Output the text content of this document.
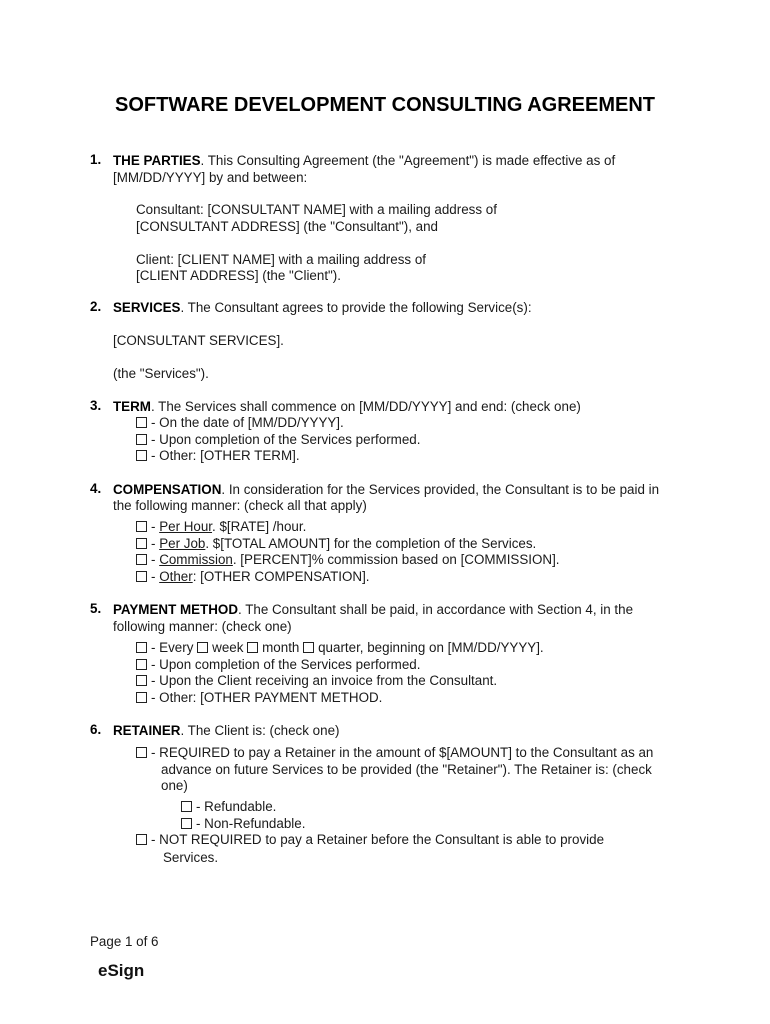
SOFTWARE DEVELOPMENT CONSULTING AGREEMENT
1. THE PARTIES. This Consulting Agreement (the "Agreement") is made effective as of
[MM/DD/YYYY] by and between:
Consultant: [CONSULTANT NAME] with a mailing address of
[CONSULTANT ADDRESS] (the "Consultant"), and
Client: [CLIENT NAME] with a mailing address of
[CLIENT ADDRESS] (the "Client").
2. SERVICES. The Consultant agrees to provide the following Service(s):
[CONSULTANT SERVICES].
(the "Services").
3. TERM. The Services shall commence on [MM/DD/YYYY] and end: (check one)
- On the date of [MM/DD/YYYY].
- Upon completion of the Services performed.
- Other: [OTHER TERM].
4. COMPENSATION. In consideration for the Services provided, the Consultant is to be paid in
the following manner: (check all that apply)
- Per Hour. $[RATE] /hour.
- Per Job. $[TOTAL AMOUNT] for the completion of the Services.
- Commission. [PERCENT]% commission based on [COMMISSION].
- Other: [OTHER COMPENSATION].
5. PAYMENT METHOD. The Consultant shall be paid, in accordance with Section 4, in the
following manner: (check one)
- Every week month quarter, beginning on [MM/DD/YYYY].
- Upon completion of the Services performed.
- Upon the Client receiving an invoice from the Consultant.
- Other: [OTHER PAYMENT METHOD.
6. RETAINER. The Client is: (check one)
- REQUIRED to pay a Retainer in the amount of $[AMOUNT] to the Consultant as an
advance on future Services to be provided (the "Retainer"). The Retainer is: (check
one)
- Refundable.
- Non-Refundable.
- NOT REQUIRED to pay a Retainer before the Consultant is able to provide
Services.
Page 1 of 6
eSign
